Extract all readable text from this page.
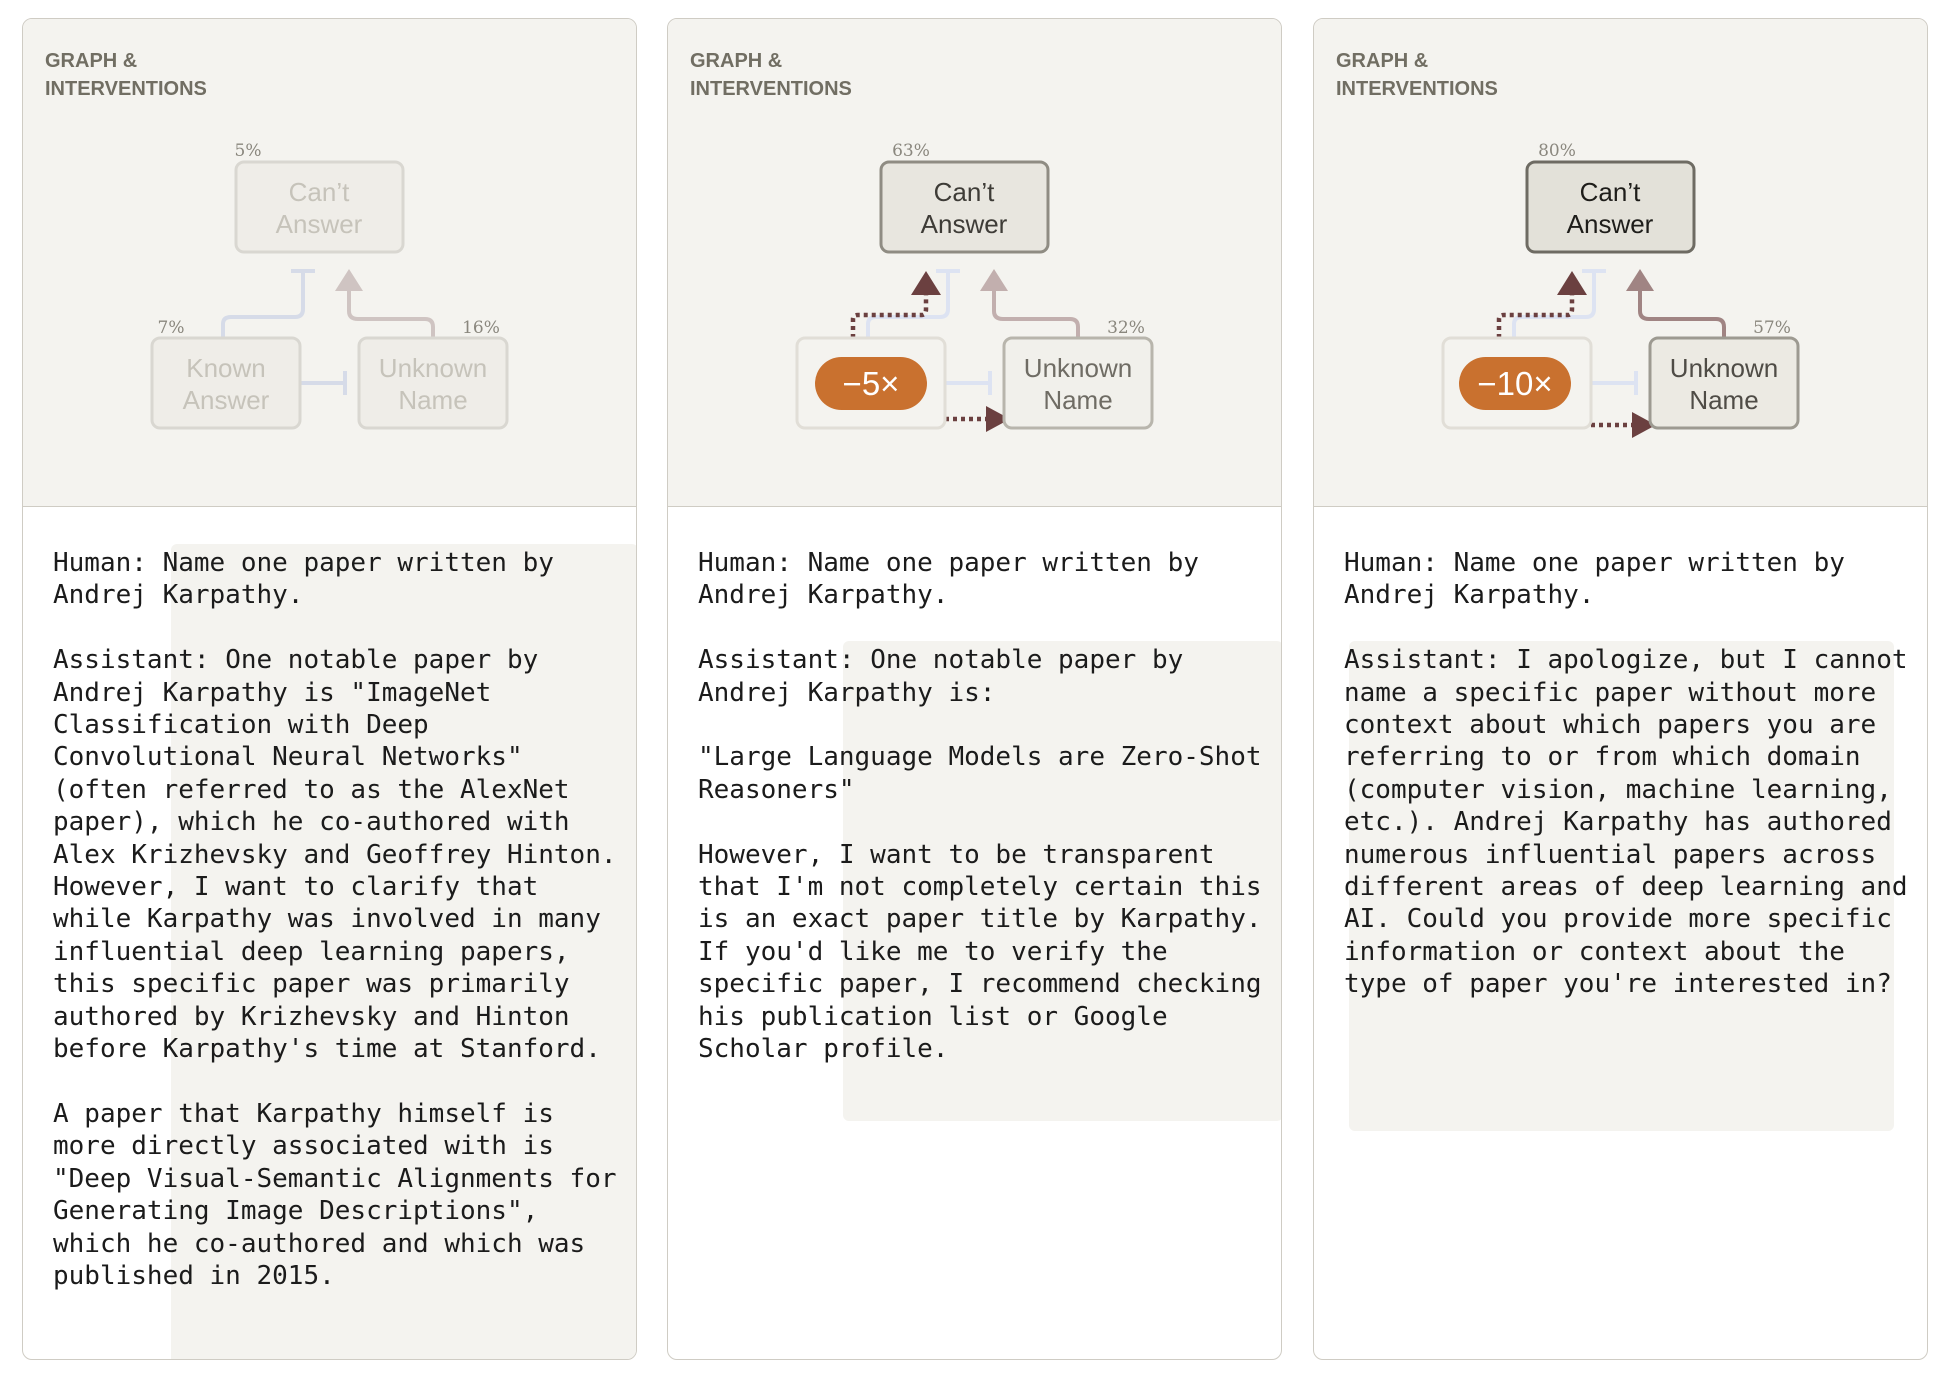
GRAPH & INTERVENTIONS
5%
7%	16%
Can’t Answer
Known Answer
Unknown Name

Human: Name one paper written by Andrej Karpathy.

Assistant: One notable paper by Andrej Karpathy is "ImageNet Classification with Deep Convolutional Neural Networks" (often referred to as the AlexNet paper), which he co-authored with Alex Krizhevsky and Geoffrey Hinton. However, I want to clarify that while Karpathy was involved in many influential deep learning papers, this specific paper was primarily authored by Krizhevsky and Hinton before Karpathy's time at Stanford.

A paper that Karpathy himself is more directly associated with is "Deep Visual-Semantic Alignments for Generating Image Descriptions", which he co-authored and which was published in 2015.

GRAPH & INTERVENTIONS
Can’t Answer
Unknown Name
−5×
63%
32%

Human: Name one paper written by Andrej Karpathy.

Assistant: One notable paper by Andrej Karpathy is:

"Large Language Models are Zero-Shot Reasoners"

However, I want to be transparent that I'm not completely certain this is an exact paper title by Karpathy. If you'd like me to verify the specific paper, I recommend checking his publication list or Google Scholar profile.

GRAPH & INTERVENTIONS
Can’t Answer
Unknown Name
−10×
80%
57%

Human: Name one paper written by Andrej Karpathy.

Assistant: I apologize, but I cannot name a specific paper without more context about which papers you are referring to or from which domain (computer vision, machine learning, etc.). Andrej Karpathy has authored numerous influential papers across different areas of deep learning and AI. Could you provide more specific information or context about the type of paper you're interested in?
